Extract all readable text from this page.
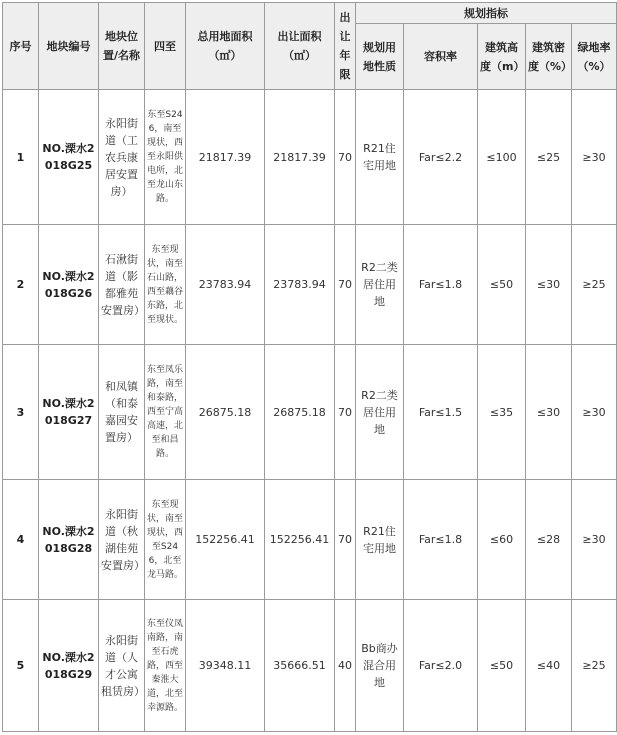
序号	地块编号	地块位置/名称	四至	总用地面积（㎡）	出让面积（㎡）	出让年限	规划指标				
							规划用地性质	容积率	建筑高度（m）	建筑密度（%）	绿地率（%）
1	NO.溧水2018G25	永阳街道（工农兵康居安置房）	东至S246，南至现状，西至永阳供电所，北至龙山东路。	21817.39	21817.39	70	R21住宅用地	Far≤2.2	≤100	≤25	≥30
2	NO.溧水2018G26	石湫街道（影都雅苑安置房）	东至现状，南至石山路，西至藕谷东路，北至现状。	23783.94	23783.94	70	R2二类居住用地	Far≤1.8	≤50	≤30	≥25
3	NO.溧水2018G27	和凤镇（和泰嘉园安置房）	东至凤乐路，南至和泰路，西至宁高高速，北至和昌路。	26875.18	26875.18	70	R2二类居住用地	Far≤1.5	≤35	≤30	≥30
4	NO.溧水2018G28	永阳街道（秋湖佳苑安置房）	东至现状，南至现状，西至S246，北至龙马路。	152256.41	152256.41	70	R21住宅用地	Far≤1.8	≤60	≤28	≥30
5	NO.溧水2018G29	永阳街道（人才公寓租赁房）	东至仪凤南路，南至石虎路，西至秦淮大道，北至幸源路。	39348.11	35666.51	40	Bb商办混合用地	Far≤2.0	≤50	≤40	≥25
